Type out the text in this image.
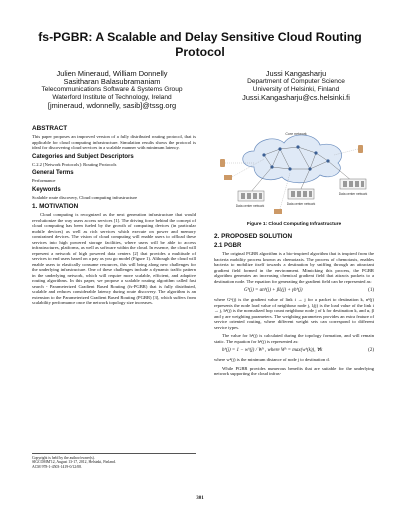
fs-PGBR: A Scalable and Delay Sensitive Cloud Routing Protocol
Julien Mineraud, William Donnelly
Sasitharan Balasubramaniam
Telecommunications Software & Systems Group
Waterford Institute of Technology, Ireland
[jmineraud, wdonnelly, sasib]@tssg.org
Jussi Kangasharju
Department of Computer Science
University of Helsinki, Finland
Jussi.Kangasharju@cs.helsinki.fi
ABSTRACT
This paper proposes an improved version of a fully distributed routing protocol, that is applicable for cloud computing infrastructure. Simulation results shows the protocol is ideal for discovering cloud services in a scalable manner with minimum latency.
Categories and Subject Descriptors
C.2.2 [Network Protocols]: Routing Protocols
General Terms
Performance
Keywords
Scalable route discovery, Cloud computing infrastructure
1. MOTIVATION
Cloud computing is recognized as the next generation infrastructure that would revolutionize the way users access services [1]. The driving force behind the concept of cloud computing has been fueled by the growth of computing devices (in particular mobile devices) as well as rich services which execute on power and memory constrained devices. The vision of cloud computing will enable users to offload these services into high powered storage facilities, where users will be able to access infrastructures, platforms, as well as software within the cloud. In essence, the cloud will represent a network of high powered data centers [2] that provides a multitude of services to end users based on a pay as you go model (Figure 1). Although the cloud will enable users to elastically consume resources, this will bring along new challenges for the underlying infrastructure. One of these challenges include a dynamic traffic pattern in the underlying network, which will require more scalable, efficient, and adaptive routing algorithms. In this paper, we propose a scalable routing algorithm called fast search - Parameterized Gradient Based Routing (fs-PGBR) that is fully distributed, scalable and reduces considerable latency during route discovery. The algorithm is an extension to the Parameterized Gradient Based Routing (PGBR) [3], which suffers from scalability performance once the network topology size increases.
Copyright is held by the author/owner(s).
SIGCOMM'12, August 13-17, 2012, Helsinki, Finland.
ACM 978-1-4503-1419-0/12/08.
Core network
Data center network	Data center network
Data center network
Figure 1: Cloud Computing Infrastructure
2. PROPOSED SOLUTION
2.1 PGBR
The original PGBR algorithm is a bio-inspired algorithm that is inspired from the bacteria mobility process known as chemotaxis. The process of chemotaxis, enables bacteria to mobilize itself towards a destination by sniffing through an attractant gradient field formed in the environment. Mimicking this process, the PGBR algorithm generates an increasing chemical gradient field that attracts packets to a destination node. The equation for generating the gradient field can be represented as:
Gᵏ(j) = αnᵏ(j) + βlᵢ(j) + γhᵏ(j)	(1)
where Gᵏ(j) is the gradient value of link i → j for a packet to destination k, nᵏ(j) represents the node load value of neighbour node j, lᵢ(j) is the load value of the link i → j, hᵏ(j) is the normalized hop count neighbour node j of k for destination k, and α, β and γ are weighting parameters. The weighting parameters provides an extra feature of service oriented routing, where different weight sets can correspond to different service types.
The value for hᵏ(j) is calculated during the topology formation, and will remain static. The equation for hᵏ(j) is represented as:
hᵏ(j) = 1 − wᵏ(j) / Wᵏ , where Wᵏ = max(wᵏ(k)), ∀k	(2)
where wᵏ(j) is the minimum distance of node j to destination d.
While PGBR provides numerous benefits that are suitable for the underlying network supporting the cloud infras-
301
